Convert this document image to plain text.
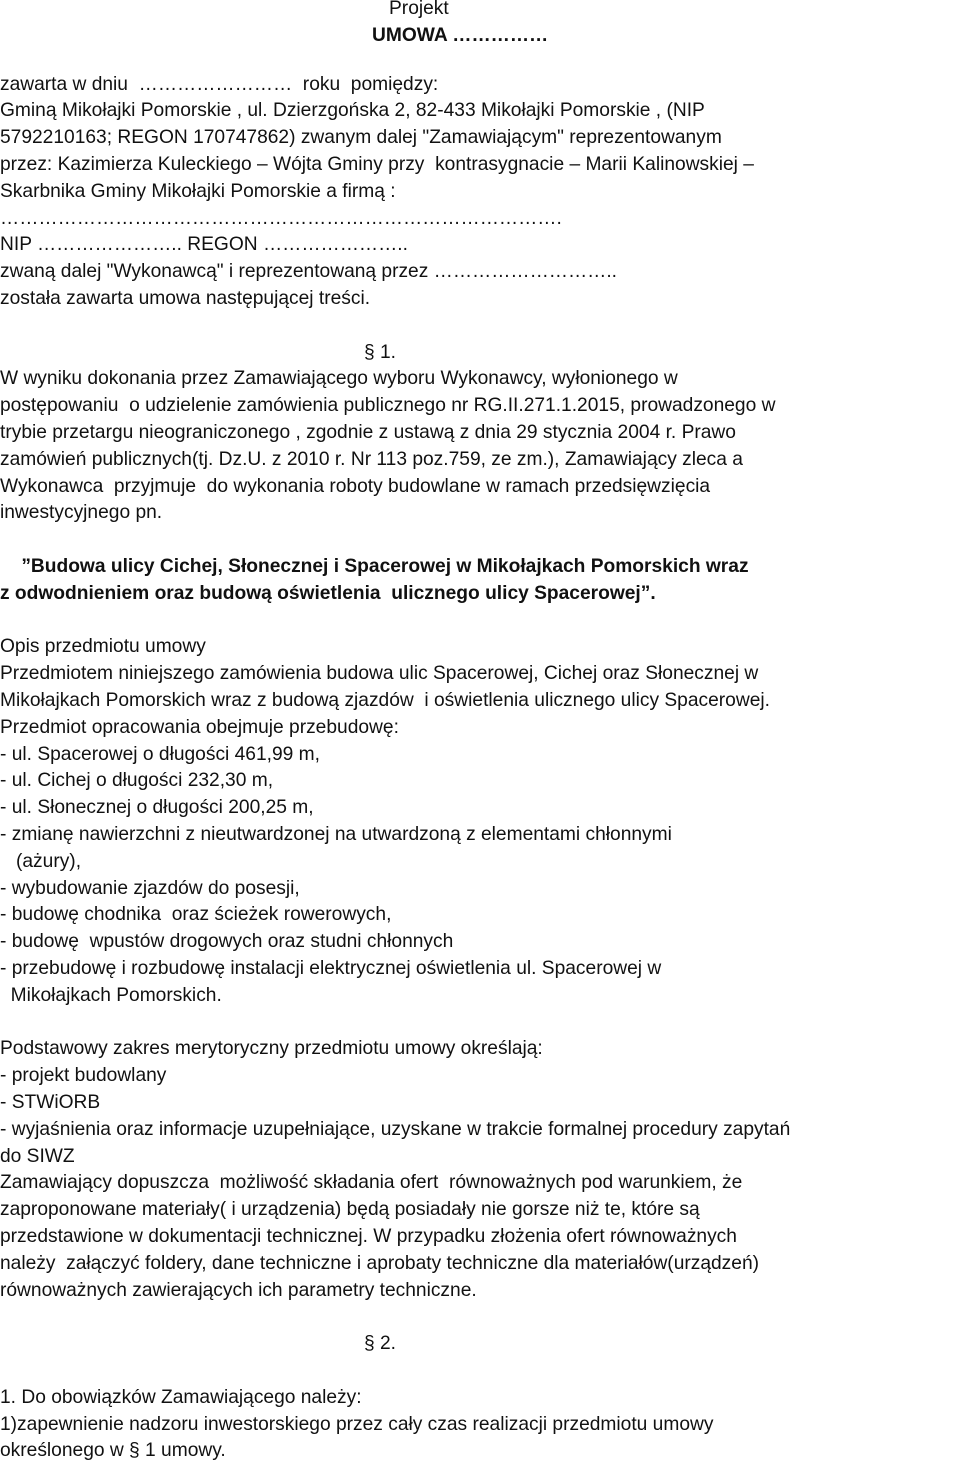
Projekt
UMOWA ……………
zawarta w dniu  ……………………  roku  pomiędzy:
Gminą Mikołajki Pomorskie , ul. Dzierzgońska 2, 82-433 Mikołajki Pomorskie , (NIP
5792210163; REGON 170747862) zwanym dalej "Zamawiającym" reprezentowanym
przez: Kazimierza Kuleckiego – Wójta Gminy przy  kontrasygnacie – Marii Kalinowskiej –
Skarbnika Gminy Mikołajki Pomorskie a firmą :
…………………………………………………………………………….
NIP ………………….. REGON …………………..
zwaną dalej "Wykonawcą" i reprezentowaną przez ………………………..
została zawarta umowa następującej treści.
§ 1.
W wyniku dokonania przez Zamawiającego wyboru Wykonawcy, wyłonionego w
postępowaniu  o udzielenie zamówienia publicznego nr RG.II.271.1.2015, prowadzonego w
trybie przetargu nieograniczonego , zgodnie z ustawą z dnia 29 stycznia 2004 r. Prawo
zamówień publicznych(tj. Dz.U. z 2010 r. Nr 113 poz.759, ze zm.), Zamawiający zleca a
Wykonawca  przyjmuje  do wykonania roboty budowlane w ramach przedsięwzięcia
inwestycyjnego pn.
”Budowa ulicy Cichej, Słonecznej i Spacerowej w Mikołajkach Pomorskich wraz
z odwodnieniem oraz budową oświetlenia  ulicznego ulicy Spacerowej”.
Opis przedmiotu umowy
Przedmiotem niniejszego zamówienia budowa ulic Spacerowej, Cichej oraz Słonecznej w
Mikołajkach Pomorskich wraz z budową zjazdów  i oświetlenia ulicznego ulicy Spacerowej.
Przedmiot opracowania obejmuje przebudowę:
- ul. Spacerowej o długości 461,99 m,
- ul. Cichej o długości 232,30 m,
- ul. Słonecznej o długości 200,25 m,
- zmianę nawierzchni z nieutwardzonej na utwardzoną z elementami chłonnymi
(ażury),
- wybudowanie zjazdów do posesji,
- budowę chodnika  oraz ścieżek rowerowych,
- budowę  wpustów drogowych oraz studni chłonnych
- przebudowę i rozbudowę instalacji elektrycznej oświetlenia ul. Spacerowej w
Mikołajkach Pomorskich.
Podstawowy zakres merytoryczny przedmiotu umowy określają:
- projekt budowlany
- STWiORB
- wyjaśnienia oraz informacje uzupełniające, uzyskane w trakcie formalnej procedury zapytań
do SIWZ
Zamawiający dopuszcza  możliwość składania ofert  równoważnych pod warunkiem, że
zaproponowane materiały( i urządzenia) będą posiadały nie gorsze niż te, które są
przedstawione w dokumentacji technicznej. W przypadku złożenia ofert równoważnych
należy  załączyć foldery, dane techniczne i aprobaty techniczne dla materiałów(urządzeń)
równoważnych zawierających ich parametry techniczne.
§ 2.
1. Do obowiązków Zamawiającego należy:
1)zapewnienie nadzoru inwestorskiego przez cały czas realizacji przedmiotu umowy
określonego w § 1 umowy.
